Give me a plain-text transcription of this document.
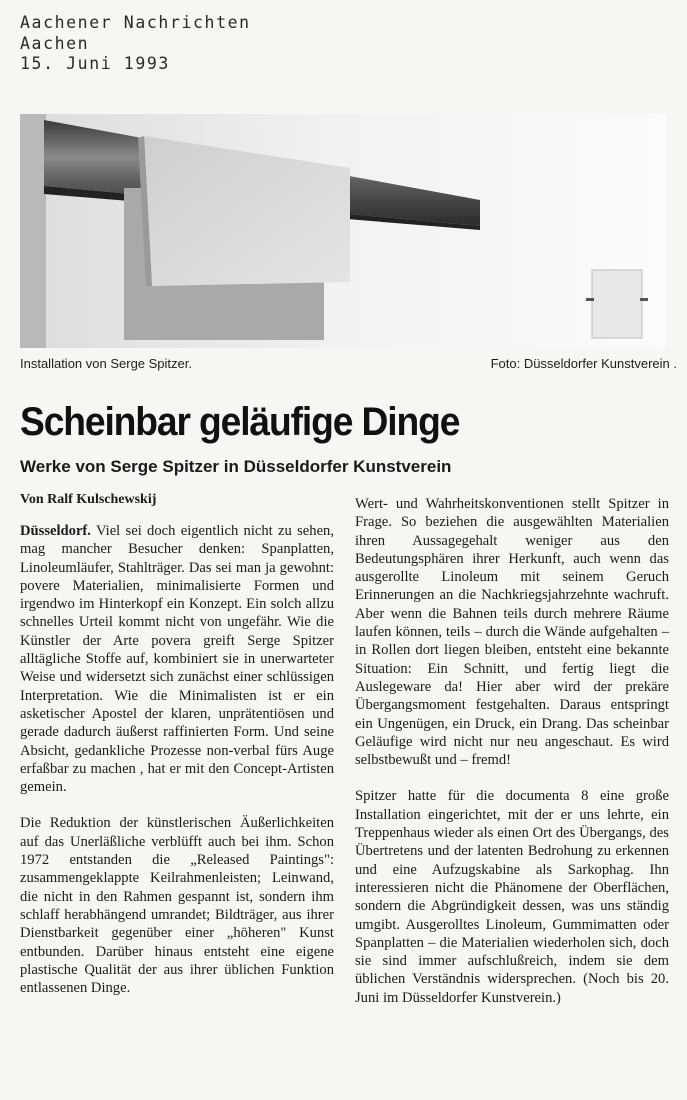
Aachener Nachrichten
Aachen
15. Juni 1993
Installation von Serge Spitzer.	Foto: Düsseldorfer Kunstverein .
Scheinbar geläufige Dinge
Werke von Serge Spitzer in Düsseldorfer Kunstverein
Von Ralf Kulschewskij

Düsseldorf. Viel sei doch eigentlich nicht zu sehen, mag mancher Besucher denken: Spanplatten, Linoleumläufer, Stahlträger. Das sei man ja gewohnt: povere Materialien, minimalisierte Formen und irgendwo im Hinterkopf ein Konzept. Ein solch allzu schnelles Urteil kommt nicht von ungefähr. Wie die Künstler der Arte povera greift Serge Spitzer alltägliche Stoffe auf, kombiniert sie in unerwarteter Weise und widersetzt sich zunächst einer schlüssigen Interpretation. Wie die Minimalisten ist er ein asketischer Apostel der klaren, unprätentiösen und gerade dadurch äußerst raffinierten Form. Und seine Absicht, gedankliche Prozesse non-verbal fürs Auge erfaßbar zu machen , hat er mit den Concept-Artisten gemein.

Die Reduktion der künstlerischen Äußerlichkeiten auf das Unerläßliche verblüfft auch bei ihm. Schon 1972 entstanden die „Released Paintings": zusammengeklappte Keilrahmenleisten; Leinwand, die nicht in den Rahmen gespannt ist, sondern ihm schlaff herabhängend umrandet; Bildträger, aus ihrer Dienstbarkeit gegenüber einer „höheren" Kunst entbunden. Darüber hinaus entsteht eine eigene plastische Qualität der aus ihrer üblichen Funktion entlassenen Dinge.

Wert- und Wahrheitskonventionen stellt Spitzer in Frage. So beziehen die ausgewählten Materialien ihren Aussagegehalt weniger aus den Bedeutungsphären ihrer Herkunft, auch wenn das ausgerollte Linoleum mit seinem Geruch Erinnerungen an die Nachkriegsjahrzehnte wachruft. Aber wenn die Bahnen teils durch mehrere Räume laufen können, teils – durch die Wände aufgehalten – in Rollen dort liegen bleiben, entsteht eine bekannte Situation: Ein Schnitt, und fertig liegt die Auslegeware da! Hier aber wird der prekäre Übergangsmoment festgehalten. Daraus entspringt ein Ungenügen, ein Druck, ein Drang. Das scheinbar Geläufige wird nicht nur neu angeschaut. Es wird selbstbewußt und – fremd!

Spitzer hatte für die documenta 8 eine große Installation eingerichtet, mit der er uns lehrte, ein Treppenhaus wieder als einen Ort des Übergangs, des Übertretens und der latenten Bedrohung zu erkennen und eine Aufzugskabine als Sarkophag. Ihn interessieren nicht die Phänomene der Oberflächen, sondern die Abgründigkeit dessen, was uns ständig umgibt. Ausgerolltes Linoleum, Gummimatten oder Spanplatten – die Materialien wiederholen sich, doch sie sind immer aufschlußreich, indem sie dem üblichen Verständnis widersprechen. (Noch bis 20. Juni im Düsseldorfer Kunstverein.)
